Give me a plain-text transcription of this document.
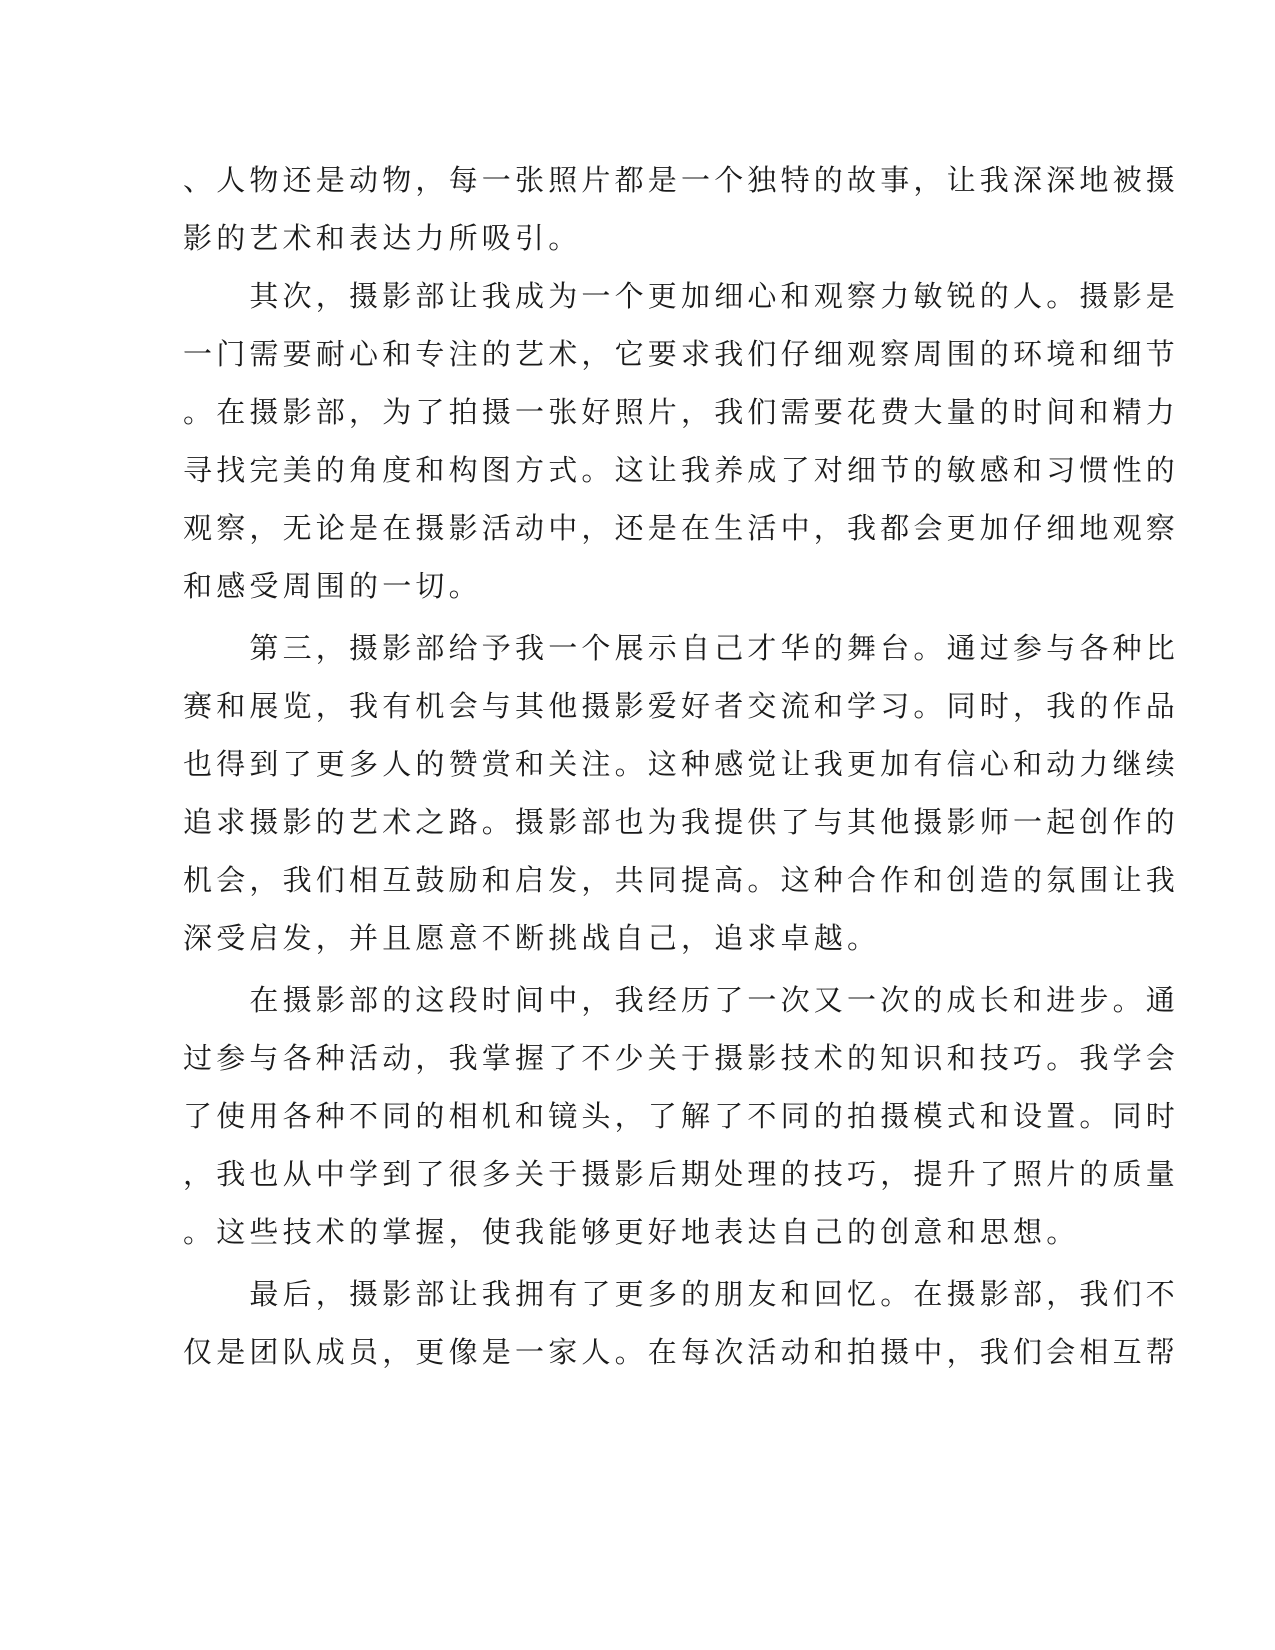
、人物还是动物，每一张照片都是一个独特的故事，让我深深地被摄
影的艺术和表达力所吸引。
　　其次，摄影部让我成为一个更加细心和观察力敏锐的人。摄影是
一门需要耐心和专注的艺术，它要求我们仔细观察周围的环境和细节
。在摄影部，为了拍摄一张好照片，我们需要花费大量的时间和精力
寻找完美的角度和构图方式。这让我养成了对细节的敏感和习惯性的
观察，无论是在摄影活动中，还是在生活中，我都会更加仔细地观察
和感受周围的一切。
　　第三，摄影部给予我一个展示自己才华的舞台。通过参与各种比
赛和展览，我有机会与其他摄影爱好者交流和学习。同时，我的作品
也得到了更多人的赞赏和关注。这种感觉让我更加有信心和动力继续
追求摄影的艺术之路。摄影部也为我提供了与其他摄影师一起创作的
机会，我们相互鼓励和启发，共同提高。这种合作和创造的氛围让我
深受启发，并且愿意不断挑战自己，追求卓越。
　　在摄影部的这段时间中，我经历了一次又一次的成长和进步。通
过参与各种活动，我掌握了不少关于摄影技术的知识和技巧。我学会
了使用各种不同的相机和镜头，了解了不同的拍摄模式和设置。同时
，我也从中学到了很多关于摄影后期处理的技巧，提升了照片的质量
。这些技术的掌握，使我能够更好地表达自己的创意和思想。
　　最后，摄影部让我拥有了更多的朋友和回忆。在摄影部，我们不
仅是团队成员，更像是一家人。在每次活动和拍摄中，我们会相互帮
